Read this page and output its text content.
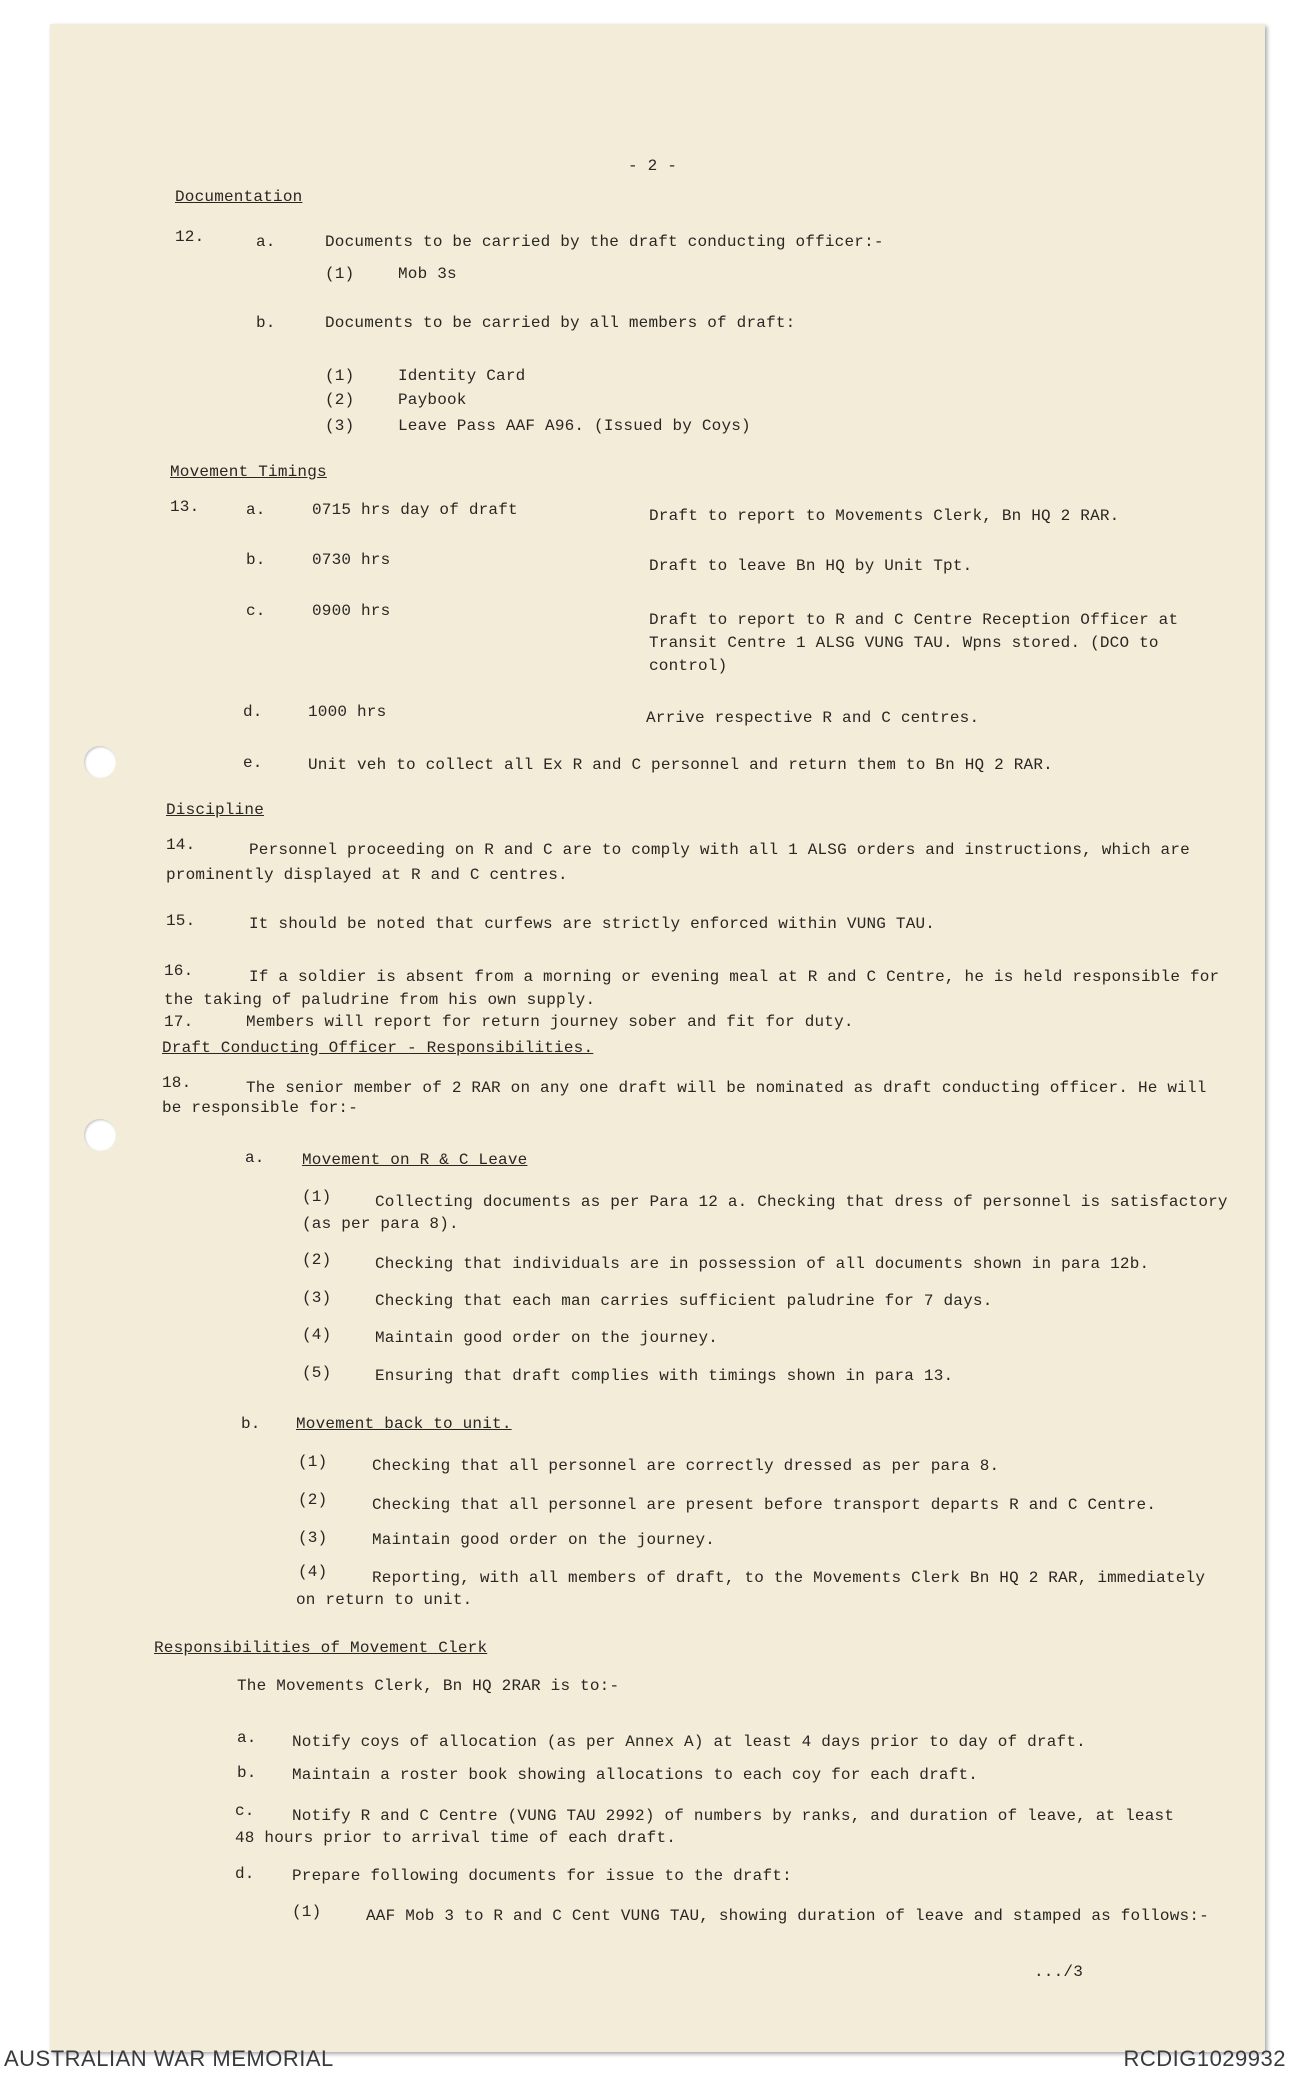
- 2 -
Documentation
12.	a.	Documents to be carried by the draft conducting officer:-
(1)	Mob 3s
b.	Documents to be carried by all members of draft:
(1)	Identity Card
(2)	Paybook
(3)	Leave Pass AAF A96. (Issued by Coys)
Movement Timings
13.	a.	0715 hrs day of draft	Draft to report to Movements Clerk, Bn HQ 2 RAR.
b.	0730 hrs	Draft to leave Bn HQ by Unit Tpt.
c.	0900 hrs	Draft to report to R and C Centre Reception Officer at
Transit Centre 1 ALSG VUNG TAU. Wpns stored. (DCO to
control)
d.	1000 hrs	Arrive respective R and C centres.
e.	Unit veh to collect all Ex R and C personnel and return them to Bn HQ 2 RAR.
Discipline
14.	Personnel proceeding on R and C are to comply with all 1 ALSG orders and instructions, which are
prominently displayed at R and C centres.
15.	It should be noted that curfews are strictly enforced within VUNG TAU.
16.	If a soldier is absent from a morning or evening meal at R and C Centre, he is held responsible for
the taking of paludrine from his own supply.
17.	Members will report for return journey sober and fit for duty.
Draft Conducting Officer - Responsibilities.
18.	The senior member of 2 RAR on any one draft will be nominated as draft conducting officer. He will
be responsible for:-
a. Movement on R & C Leave
(1)	Collecting documents as per Para 12 a. Checking that dress of personnel is satisfactory
(as per para 8).
(2)	Checking that individuals are in possession of all documents shown in para 12b.
(3)	Checking that each man carries sufficient paludrine for 7 days.
(4)	Maintain good order on the journey.
(5)	Ensuring that draft complies with timings shown in para 13.
b. Movement back to unit.
(1)	Checking that all personnel are correctly dressed as per para 8.
(2)	Checking that all personnel are present before transport departs R and C Centre.
(3)	Maintain good order on the journey.
(4)	Reporting, with all members of draft, to the Movements Clerk Bn HQ 2 RAR, immediately
on return to unit.
Responsibilities of Movement Clerk
The Movements Clerk, Bn HQ 2RAR is to:-
a. Notify coys of allocation (as per Annex A) at least 4 days prior to day of draft.
b. Maintain a roster book showing allocations to each coy for each draft.
c. Notify R and C Centre (VUNG TAU 2992) of numbers by ranks, and duration of leave, at least
48 hours prior to arrival time of each draft.
d. Prepare following documents for issue to the draft:
(1)	AAF Mob 3 to R and C Cent VUNG TAU, showing duration of leave and stamped as follows:-
.../3
AUSTRALIAN WAR MEMORIAL	RCDIG1029932
